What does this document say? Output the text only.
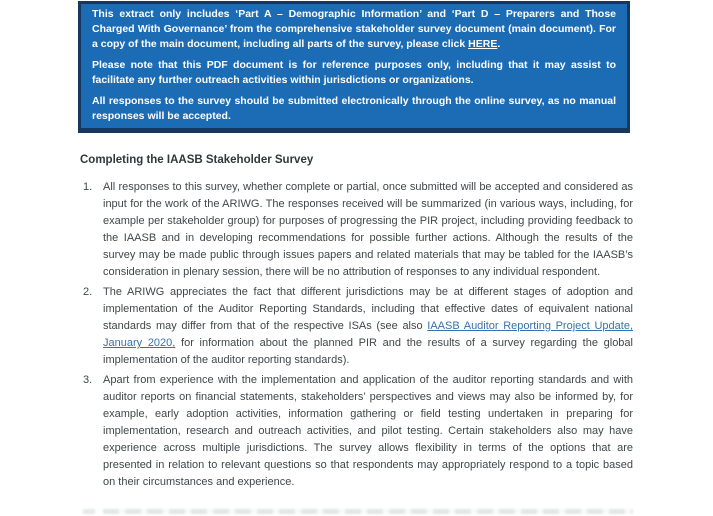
This extract only includes ‘Part A – Demographic Information’ and ‘Part D – Preparers and Those Charged With Governance’ from the comprehensive stakeholder survey document (main document). For a copy of the main document, including all parts of the survey, please click HERE.

Please note that this PDF document is for reference purposes only, including that it may assist to facilitate any further outreach activities within jurisdictions or organizations.

All responses to the survey should be submitted electronically through the online survey, as no manual responses will be accepted.

Completing the IAASB Stakeholder Survey
1. All responses to this survey, whether complete or partial, once submitted will be accepted and considered as input for the work of the ARIWG. The responses received will be summarized (in various ways, including, for example per stakeholder group) for purposes of progressing the PIR project, including providing feedback to the IAASB and in developing recommendations for possible further actions. Although the results of the survey may be made public through issues papers and related materials that may be tabled for the IAASB’s consideration in plenary session, there will be no attribution of responses to any individual respondent.
2. The ARIWG appreciates the fact that different jurisdictions may be at different stages of adoption and implementation of the Auditor Reporting Standards, including that effective dates of equivalent national standards may differ from that of the respective ISAs (see also IAASB Auditor Reporting Project Update, January 2020, for information about the planned PIR and the results of a survey regarding the global implementation of the auditor reporting standards).
3. Apart from experience with the implementation and application of the auditor reporting standards and with auditor reports on financial statements, stakeholders’ perspectives and views may also be informed by, for example, early adoption activities, information gathering or field testing undertaken in preparing for implementation, research and outreach activities, and pilot testing. Certain stakeholders also may have experience across multiple jurisdictions. The survey allows flexibility in terms of the options that are presented in relation to relevant questions so that respondents may appropriately respond to a topic based on their circumstances and experience.
